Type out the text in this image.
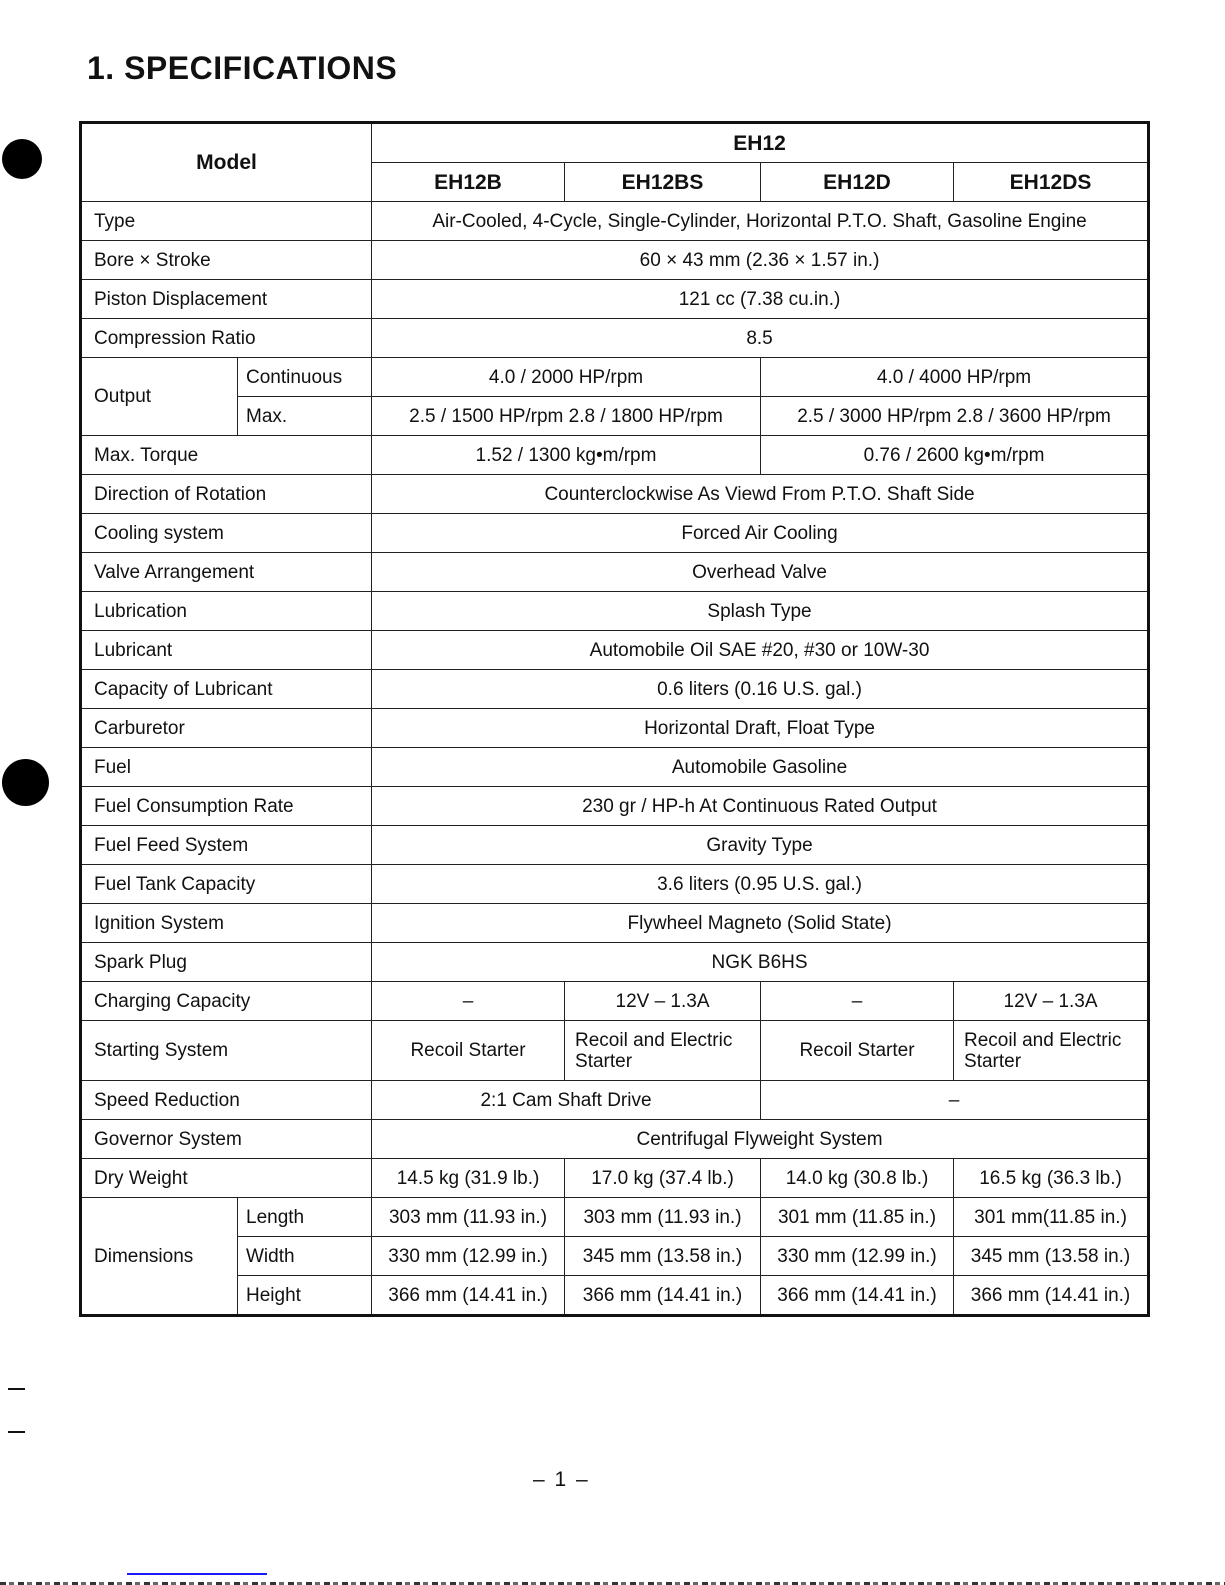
1. SPECIFICATIONS
Model		EH12			
		EH12B	EH12BS	EH12D	EH12DS
Type		Air-Cooled, 4-Cycle, Single-Cylinder, Horizontal P.T.O. Shaft, Gasoline Engine			
Bore × Stroke		60 × 43 mm (2.36 × 1.57 in.)			
Piston Displacement		121 cc (7.38 cu.in.)			
Compression Ratio		8.5			
Output	Continuous	4.0 / 2000 HP/rpm		4.0 / 4000 HP/rpm	
	Max.	2.5 / 1500 HP/rpm 2.8 / 1800 HP/rpm		2.5 / 3000 HP/rpm 2.8 / 3600 HP/rpm	
Max. Torque		1.52 / 1300 kg•m/rpm		0.76 / 2600 kg•m/rpm	
Direction of Rotation		Counterclockwise As Viewd From P.T.O. Shaft Side			
Cooling system		Forced Air Cooling			
Valve Arrangement		Overhead Valve			
Lubrication		Splash Type			
Lubricant		Automobile Oil SAE #20, #30 or 10W-30			
Capacity of Lubricant		0.6 liters (0.16 U.S. gal.)			
Carburetor		Horizontal Draft, Float Type			
Fuel		Automobile Gasoline			
Fuel Consumption Rate		230 gr / HP-h At Continuous Rated Output			
Fuel Feed System		Gravity Type			
Fuel Tank Capacity		3.6 liters (0.95 U.S. gal.)			
Ignition System		Flywheel Magneto (Solid State)			
Spark Plug		NGK B6HS			
Charging Capacity		–	12V – 1.3A	–	12V – 1.3A
Starting System		Recoil Starter	Recoil and Electric Starter	Recoil Starter	Recoil and Electric Starter
Speed Reduction		2:1 Cam Shaft Drive		–	
Governor System		Centrifugal Flyweight System			
Dry Weight		14.5 kg (31.9 lb.)	17.0 kg (37.4 lb.)	14.0 kg (30.8 lb.)	16.5 kg (36.3 lb.)
Dimensions	Length	303 mm (11.93 in.)	303 mm (11.93 in.)	301 mm (11.85 in.)	301 mm(11.85 in.)
	Width	330 mm (12.99 in.)	345 mm (13.58 in.)	330 mm (12.99 in.)	345 mm (13.58 in.)
	Height	366 mm (14.41 in.)	366 mm (14.41 in.)	366 mm (14.41 in.)	366 mm (14.41 in.)
– 1 –
